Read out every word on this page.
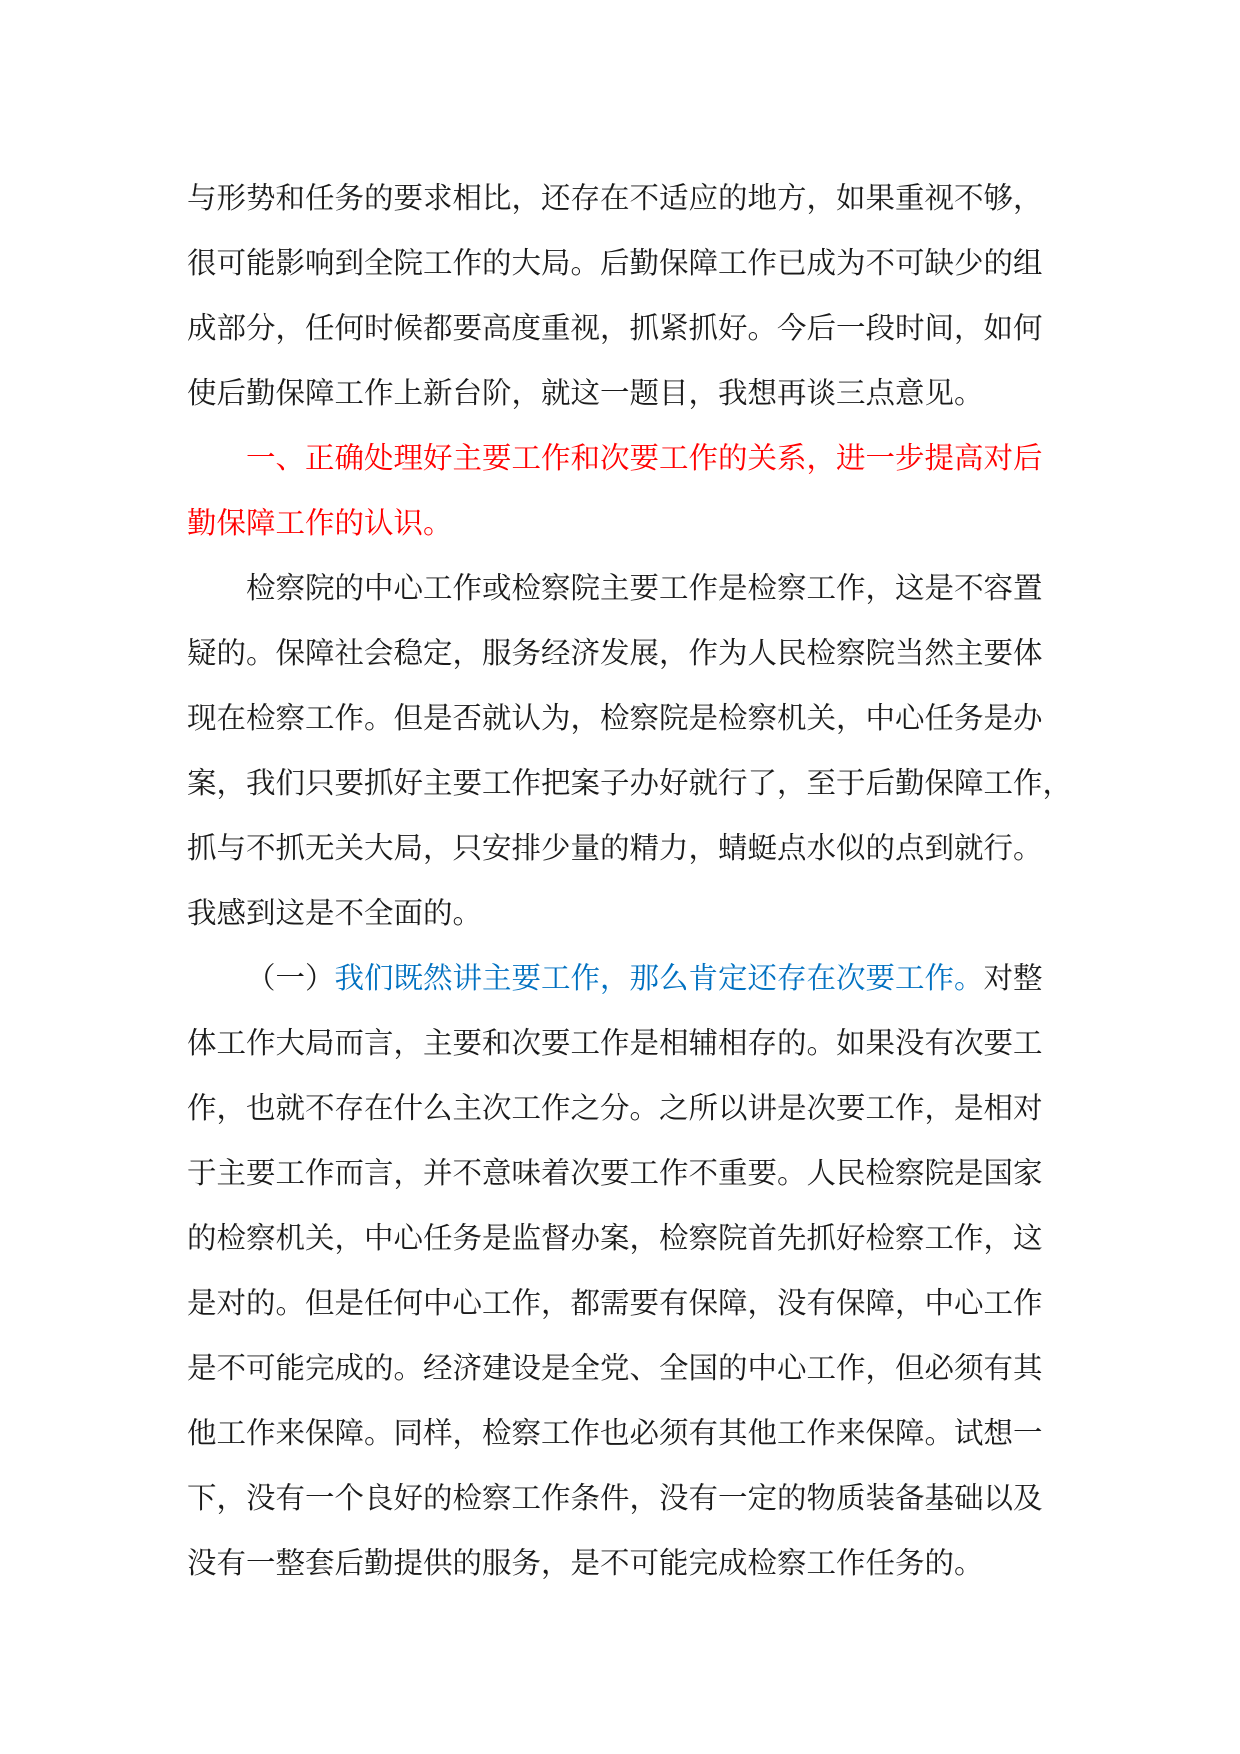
与形势和任务的要求相比，还存在不适应的地方，如果重视不够，
很可能影响到全院工作的大局。后勤保障工作已成为不可缺少的组
成部分，任何时候都要高度重视，抓紧抓好。今后一段时间，如何
使后勤保障工作上新台阶，就这一题目，我想再谈三点意见。
一、正确处理好主要工作和次要工作的关系，进一步提高对后
勤保障工作的认识。
检察院的中心工作或检察院主要工作是检察工作，这是不容置
疑的。保障社会稳定，服务经济发展，作为人民检察院当然主要体
现在检察工作。但是否就认为，检察院是检察机关，中心任务是办
案，我们只要抓好主要工作把案子办好就行了，至于后勤保障工作，
抓与不抓无关大局，只安排少量的精力，蜻蜓点水似的点到就行。
我感到这是不全面的。
（一）我们既然讲主要工作，那么肯定还存在次要工作。对整
体工作大局而言，主要和次要工作是相辅相存的。如果没有次要工
作，也就不存在什么主次工作之分。之所以讲是次要工作，是相对
于主要工作而言，并不意味着次要工作不重要。人民检察院是国家
的检察机关，中心任务是监督办案，检察院首先抓好检察工作，这
是对的。但是任何中心工作，都需要有保障，没有保障，中心工作
是不可能完成的。经济建设是全党、全国的中心工作，但必须有其
他工作来保障。同样，检察工作也必须有其他工作来保障。试想一
下，没有一个良好的检察工作条件，没有一定的物质装备基础以及
没有一整套后勤提供的服务，是不可能完成检察工作任务的。
